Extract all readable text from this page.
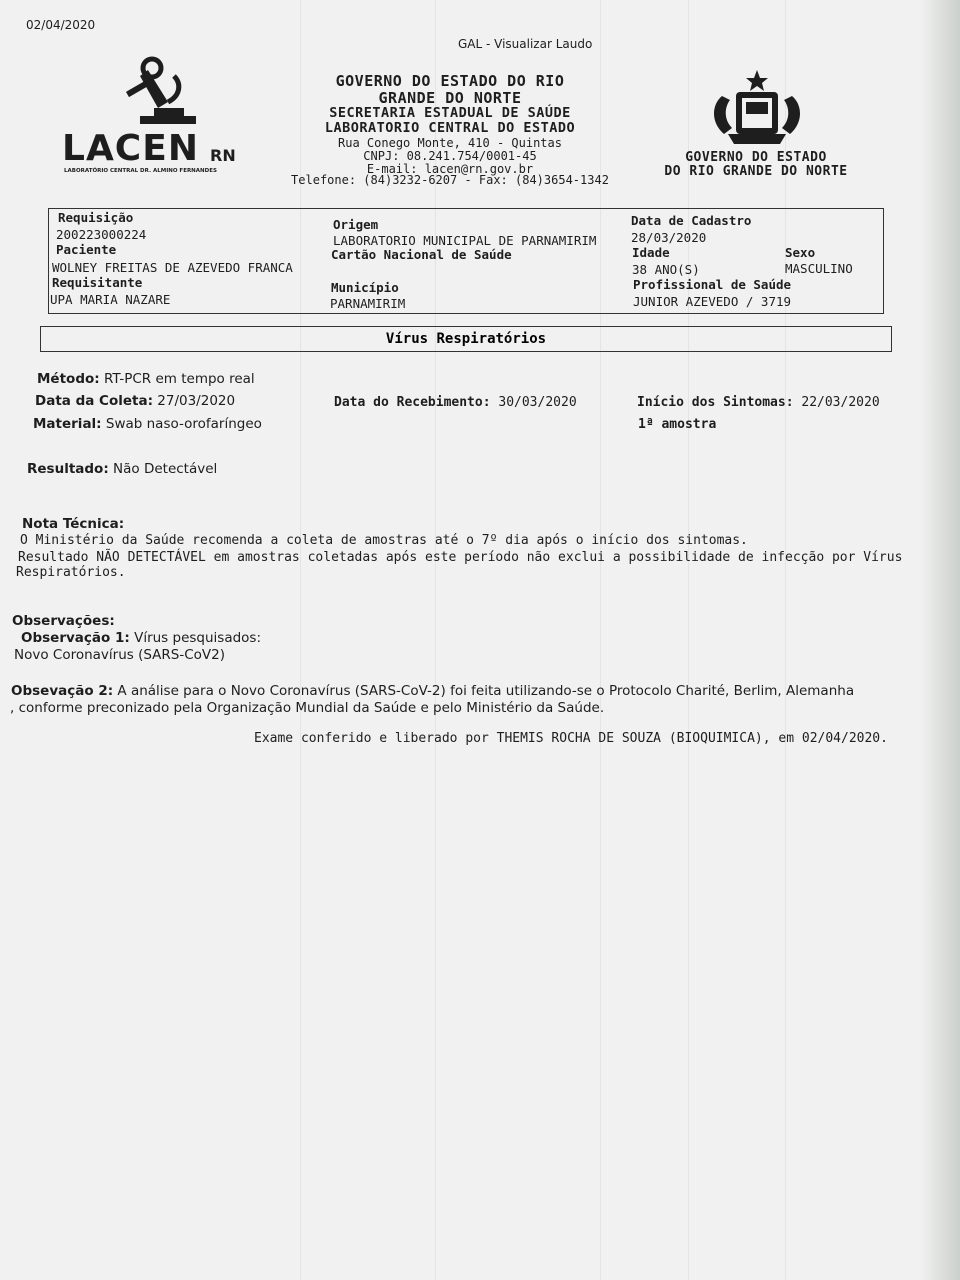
02/04/2020
GAL - Visualizar Laudo
LACEN RN
LABORATÓRIO CENTRAL DR. ALMINO FERNANDES
GOVERNO DO ESTADO DO RIO
GRANDE DO NORTE
SECRETARIA ESTADUAL DE SAÚDE
LABORATORIO CENTRAL DO ESTADO
Rua Conego Monte, 410 - Quintas
CNPJ: 08.241.754/0001-45
E-mail: lacen@rn.gov.br
Telefone: (84)3232-6207 - Fax: (84)3654-1342
GOVERNO DO ESTADO
DO RIO GRANDE DO NORTE
Requisição
200223000224
Paciente
WOLNEY FREITAS DE AZEVEDO FRANCA
Requisitante
UPA MARIA NAZARE
Origem
LABORATORIO MUNICIPAL DE PARNAMIRIM
Cartão Nacional de Saúde
Município
PARNAMIRIM
Data de Cadastro
28/03/2020
Idade
38 ANO(S)
Sexo
MASCULINO
Profissional de Saúde
JUNIOR AZEVEDO / 3719
Vírus Respiratórios
Método: RT-PCR em tempo real
Data da Coleta: 27/03/2020
Material: Swab naso-orofaríngeo
Data do Recebimento: 30/03/2020	Início dos Sintomas: 22/03/2020
1ª amostra
Resultado: Não Detectável
Nota Técnica:
O Ministério da Saúde recomenda a coleta de amostras até o 7º dia após o início dos sintomas.
Resultado NÃO DETECTÁVEL em amostras coletadas após este período não exclui a possibilidade de infecção por Vírus
Respiratórios.
Observações:
Observação 1: Vírus pesquisados:
Novo Coronavírus (SARS-CoV2)
Obsevação 2: A análise para o Novo Coronavírus (SARS-CoV-2) foi feita utilizando-se o Protocolo Charité, Berlim, Alemanha
, conforme preconizado pela Organização Mundial da Saúde e pelo Ministério da Saúde.
Exame conferido e liberado por THEMIS ROCHA DE SOUZA (BIOQUIMICA), em 02/04/2020.
